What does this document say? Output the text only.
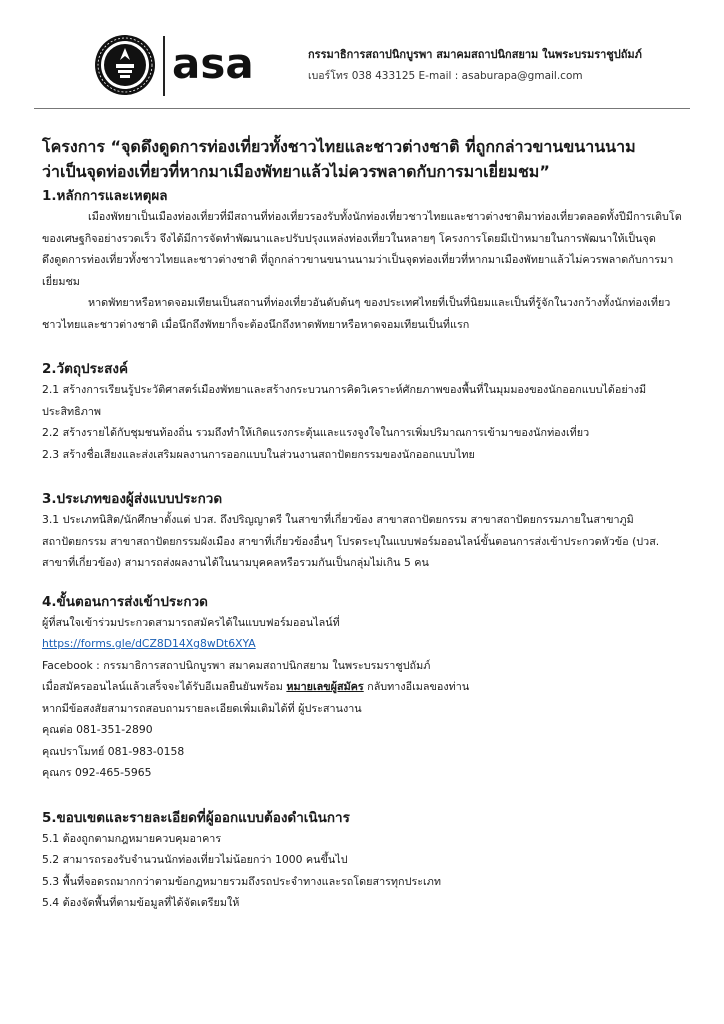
asa	กรรมาธิการสถาปนิกบูรพา สมาคมสถาปนิกสยาม ในพระบรมราชูปถัมภ์
เบอร์โทร 038 433125 E-mail : asaburapa@gmail.com
โครงการ “จุดดึงดูดการท่องเที่ยวทั้งชาวไทยและชาวต่างชาติ ที่ถูกกล่าวขานขนานนาม
ว่าเป็นจุดท่องเที่ยวที่หากมาเมืองพัทยาแล้วไม่ควรพลาดกับการมาเยี่ยมชม”
1.หลักการและเหตุผล

เมืองพัทยาเป็นเมืองท่องเที่ยวที่มีสถานที่ท่องเที่ยวรองรับทั้งนักท่องเที่ยวชาวไทยและชาวต่างชาติมาท่องเที่ยวตลอดทั้งปีมีการเติบโตของเศษฐกิจอย่างรวดเร็ว จึงได้มีการจัดทำพัฒนาและปรับปรุงแหล่งท่องเที่ยวในหลายๆ โครงการโดยมีเป้าหมายในการพัฒนาให้เป็นจุดดึงดูดการท่องเที่ยวทั้งชาวไทยและชาวต่างชาติ ที่ถูกกล่าวขานขนานนามว่าเป็นจุดท่องเที่ยวที่หากมาเมืองพัทยาแล้วไม่ควรพลาดกับการมาเยี่ยมชม

หาดพัทยาหรือหาดจอมเทียนเป็นสถานที่ท่องเที่ยวอันดับต้นๆ ของประเทศไทยที่เป็นที่นิยมและเป็นที่รู้จักในวงกว้างทั้งนักท่องเที่ยวชาวไทยและชาวต่างชาติ เมื่อนึกถึงพัทยาก็จะต้องนึกถึงหาดพัทยาหรือหาดจอมเทียนเป็นที่แรก

2.วัตถุประสงค์

2.1 สร้างการเรียนรู้ประวัติศาสตร์เมืองพัทยาและสร้างกระบวนการคิดวิเคราะห์ศักยภาพของพื้นที่ในมุมมองของนักออกแบบได้อย่างมีประสิทธิภาพ

2.2 สร้างรายได้กับชุมชนท้องถิ่น รวมถึงทำให้เกิดแรงกระตุ้นและแรงจูงใจในการเพิ่มปริมาณการเข้ามาของนักท่องเที่ยว

2.3 สร้างชื่อเสียงและส่งเสริมผลงานการออกแบบในส่วนงานสถาปัตยกรรมของนักออกแบบไทย

3.ประเภทของผู้ส่งแบบประกวด

3.1 ประเภทนิสิต/นักศึกษาตั้งแต่ ปวส. ถึงปริญญาตรี ในสาขาที่เกี่ยวข้อง สาขาสถาปัตยกรรม สาขาสถาปัตยกรรมภายในสาขาภูมิสถาปัตยกรรม สาขาสถาปัตยกรรมผังเมือง สาขาที่เกี่ยวข้องอื่นๆ โปรดระบุในแบบฟอร์มออนไลน์ขั้นตอนการส่งเข้าประกวดหัวข้อ (ปวส. สาขาที่เกี่ยวข้อง) สามารถส่งผลงานได้ในนามบุคคลหรือรวมกันเป็นกลุ่มไม่เกิน 5 คน

4.ขั้นตอนการส่งเข้าประกวด

ผู้ที่สนใจเข้าร่วมประกวดสามารถสมัครได้ในแบบฟอร์มออนไลน์ที่

https://forms.gle/dCZ8D14Xg8wDt6XYA

Facebook : กรรมาธิการสถาปนิกบูรพา สมาคมสถาปนิกสยาม ในพระบรมราชูปถัมภ์

เมื่อสมัครออนไลน์แล้วเสร็จจะได้รับอีเมลยืนยันพร้อม หมายเลขผู้สมัคร กลับทางอีเมลของท่าน

หากมีข้อสงสัยสามารถสอบถามรายละเอียดเพิ่มเติมได้ที่ ผู้ประสานงาน

คุณต่อ 081-351-2890

คุณปราโมทย์ 081-983-0158

คุณกร 092-465-5965

5.ขอบเขตและรายละเอียดที่ผู้ออกแบบต้องดำเนินการ

5.1 ต้องถูกตามกฎหมายควบคุมอาคาร

5.2 สามารถรองรับจำนวนนักท่องเที่ยวไม่น้อยกว่า 1000 คนขึ้นไป

5.3 พื้นที่จอดรถมากกว่าตามข้อกฎหมายรวมถึงรถประจำทางและรถโดยสารทุกประเภท

5.4 ต้องจัดพื้นที่ตามข้อมูลที่ได้จัดเตรียมให้
